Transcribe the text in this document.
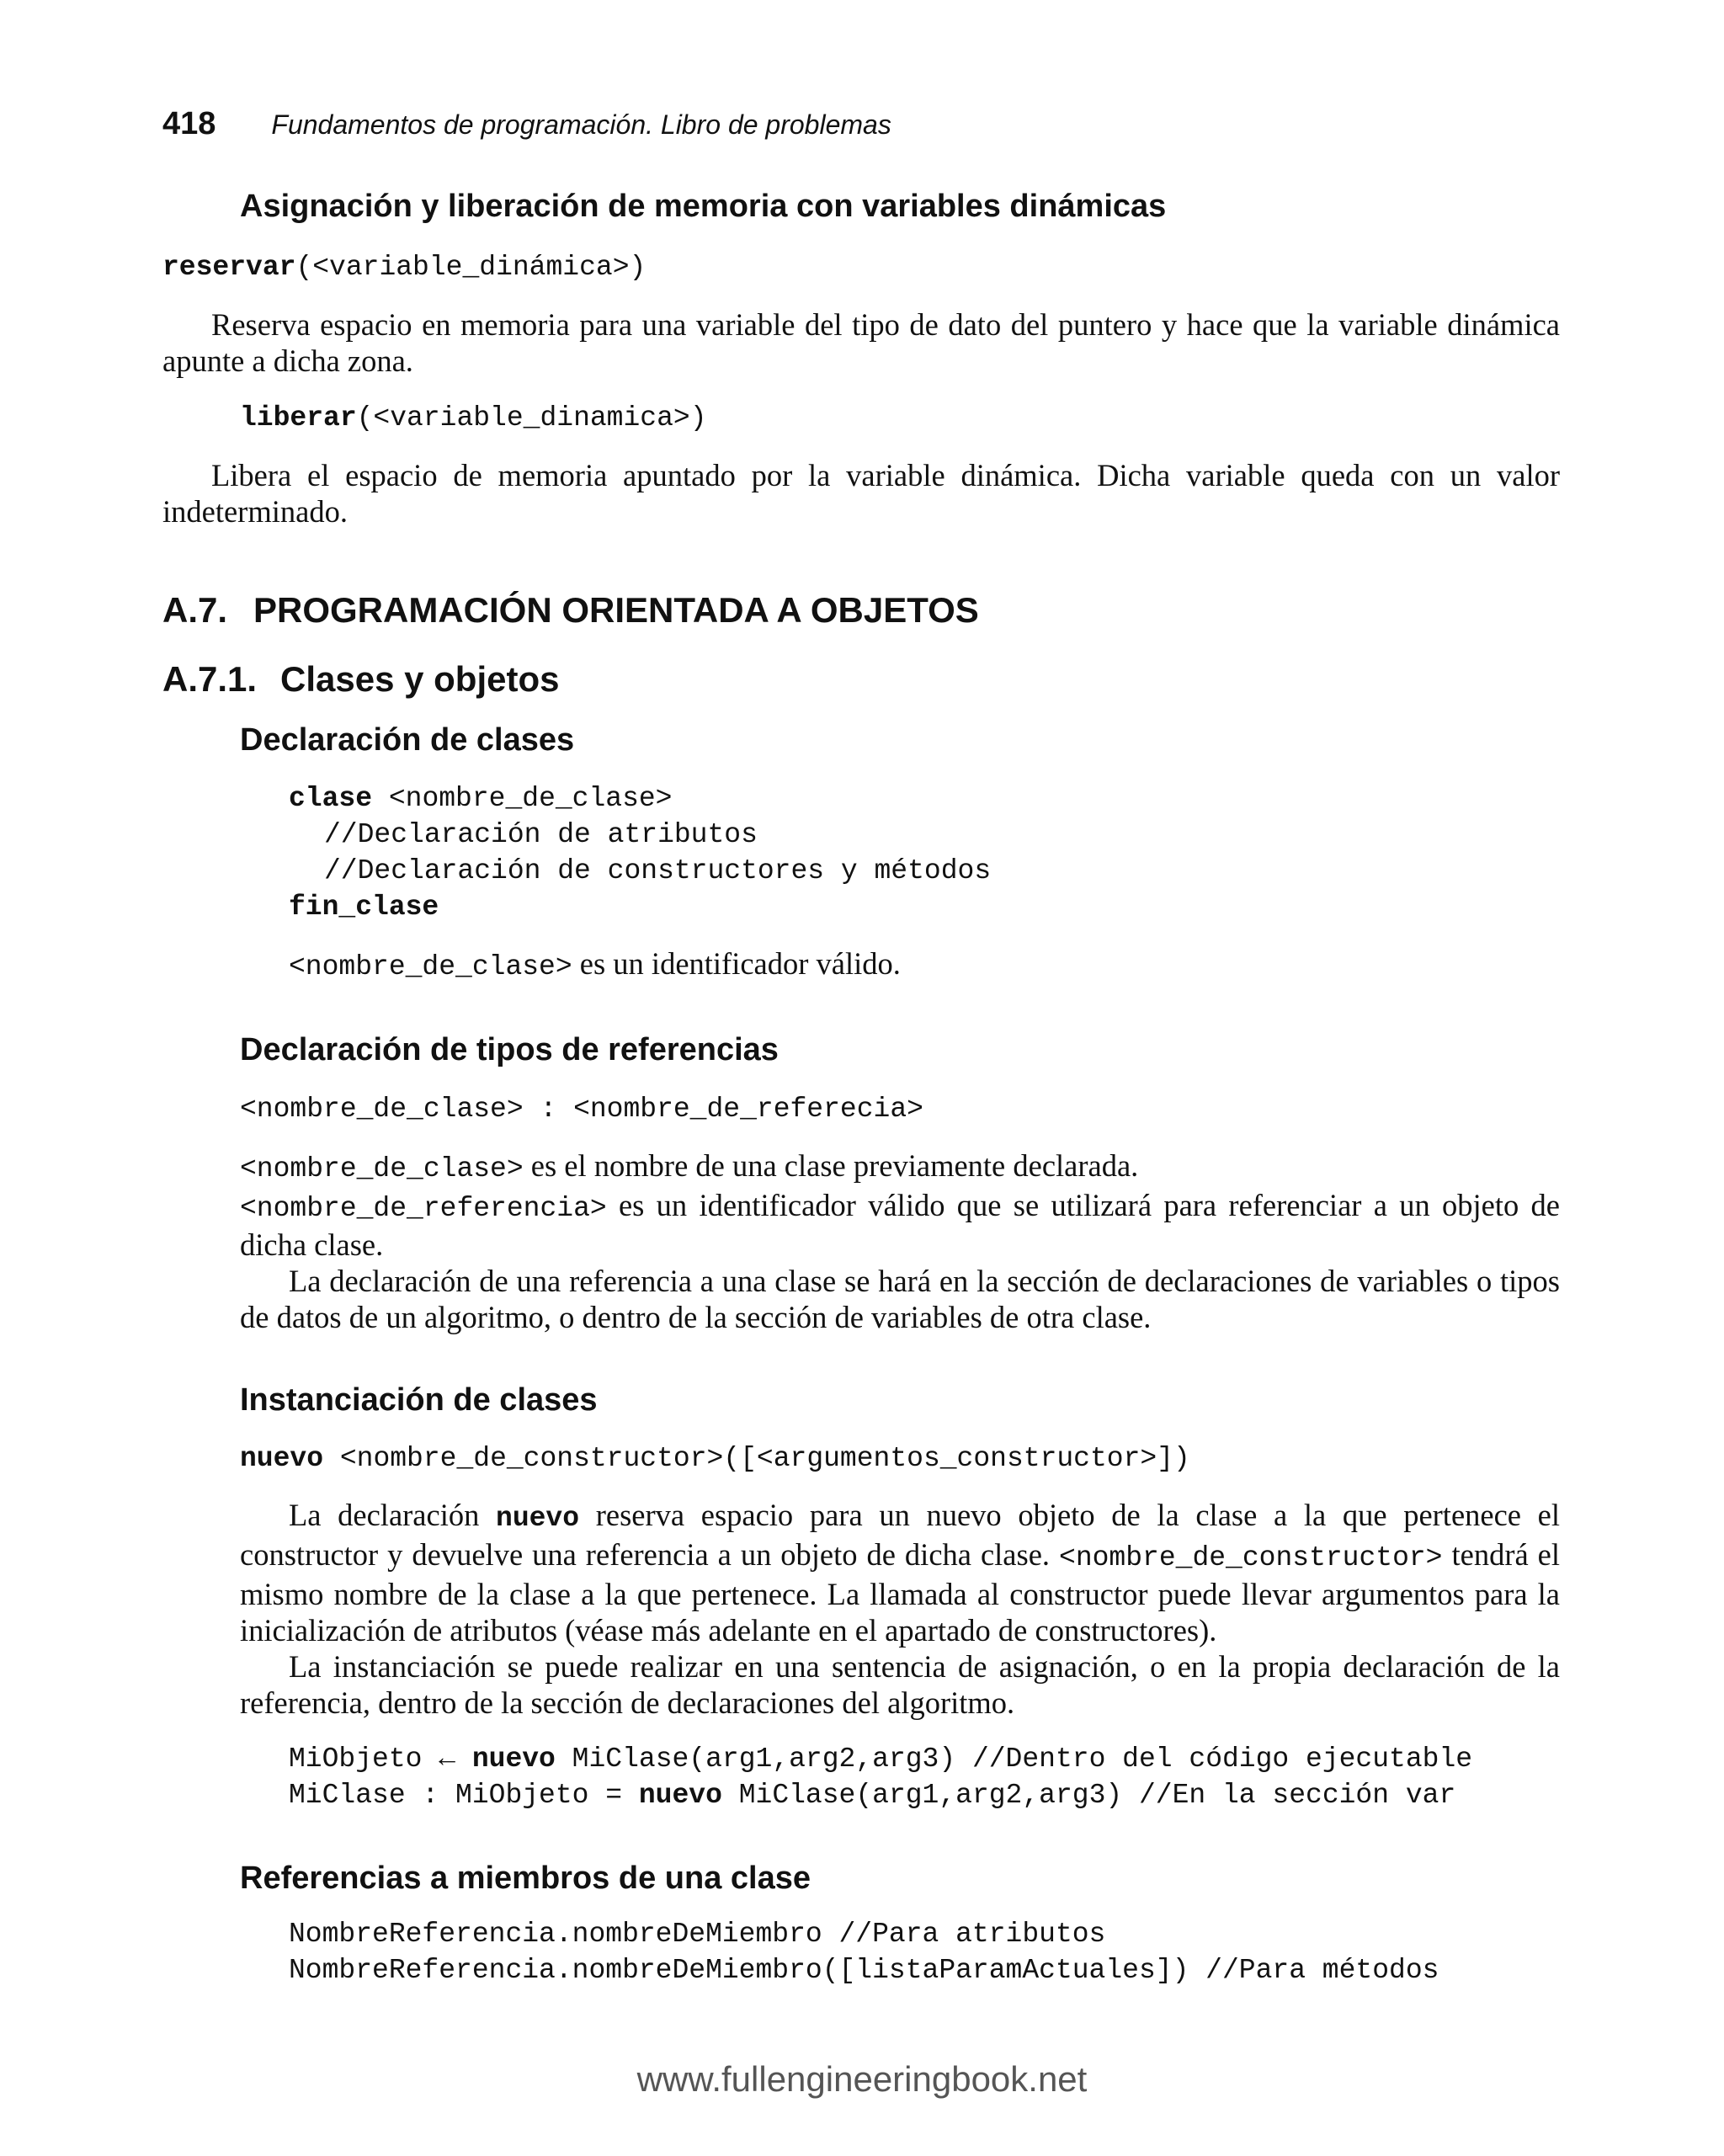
418 Fundamentos de programación. Libro de problemas
Asignación y liberación de memoria con variables dinámicas
reservar(<variable_dinámica>)
Reserva espacio en memoria para una variable del tipo de dato del puntero y hace que la variable dinámica apunte a dicha zona.
liberar(<variable_dinamica>)
Libera el espacio de memoria apuntado por la variable dinámica. Dicha variable queda con un valor indeterminado.
A.7. PROGRAMACIÓN ORIENTADA A OBJETOS
A.7.1. Clases y objetos
Declaración de clases
clase <nombre_de_clase>
//Declaración de atributos
//Declaración de constructores y métodos
fin_clase
<nombre_de_clase> es un identificador válido.
Declaración de tipos de referencias
<nombre_de_clase> : <nombre_de_referecia>
<nombre_de_clase> es el nombre de una clase previamente declarada.
<nombre_de_referencia> es un identificador válido que se utilizará para referenciar a un objeto de dicha clase.
La declaración de una referencia a una clase se hará en la sección de declaraciones de variables o tipos de datos de un algoritmo, o dentro de la sección de variables de otra clase.
Instanciación de clases
nuevo <nombre_de_constructor>([<argumentos_constructor>])
La declaración nuevo reserva espacio para un nuevo objeto de la clase a la que pertenece el constructor y devuelve una referencia a un objeto de dicha clase. <nombre_de_constructor> tendrá el mismo nombre de la clase a la que pertenece. La llamada al constructor puede llevar argumentos para la inicialización de atributos (véase más adelante en el apartado de constructores).
La instanciación se puede realizar en una sentencia de asignación, o en la propia declaración de la referencia, dentro de la sección de declaraciones del algoritmo.
MiObjeto ← nuevo MiClase(arg1,arg2,arg3) //Dentro del código ejecutable
MiClase : MiObjeto = nuevo MiClase(arg1,arg2,arg3) //En la sección var
Referencias a miembros de una clase
NombreReferencia.nombreDeMiembro //Para atributos
NombreReferencia.nombreDeMiembro([listaParamActuales]) //Para métodos
www.fullengineeringbook.net
